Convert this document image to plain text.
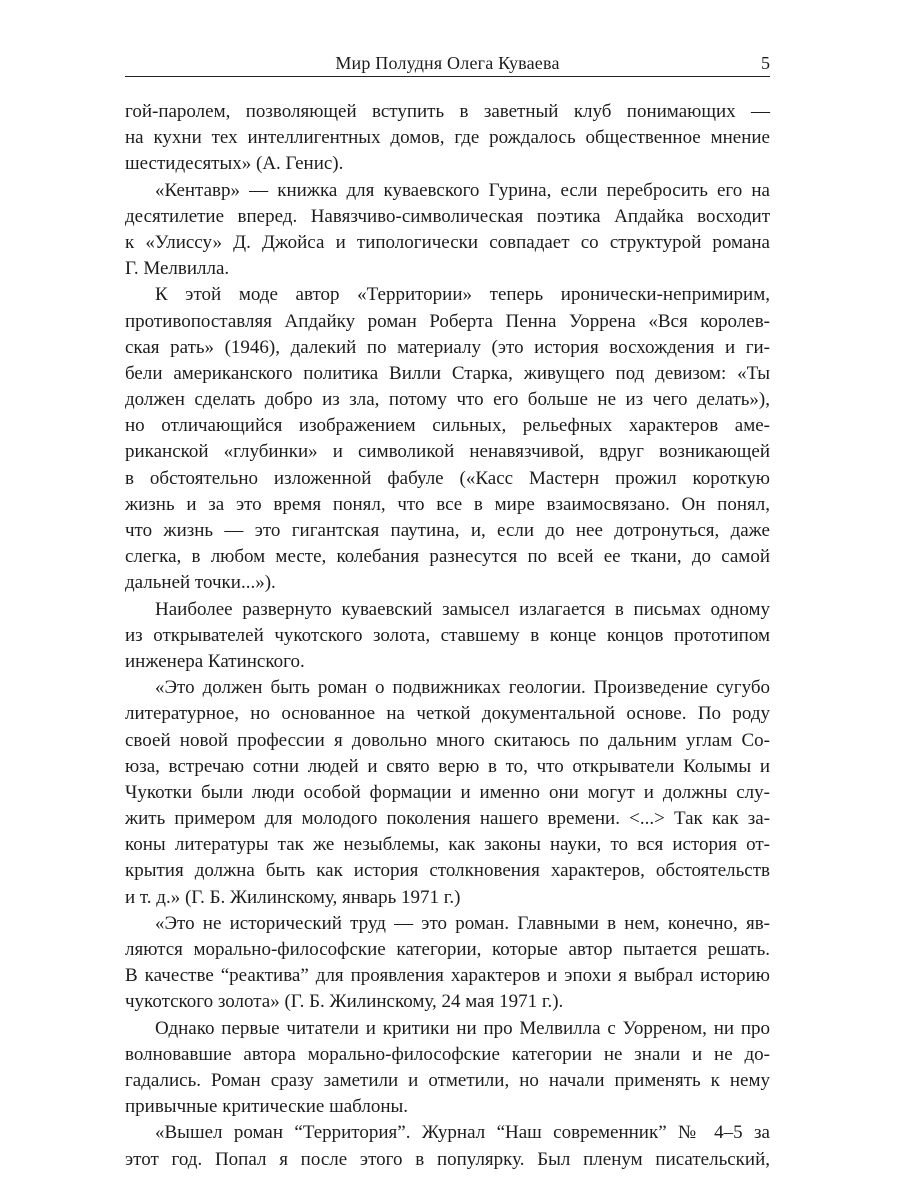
Мир Полудня Олега Куваева	5
гой-паролем, позволяющей вступить в заветный клуб понимающих —
на кухни тех интеллигентных домов, где рождалось общественное мнение
шестидесятых» (А. Генис).
«Кентавр» — книжка для куваевского Гурина, если перебросить его на
десятилетие вперед. Навязчиво-символическая поэтика Апдайка восходит
к «Улиссу» Д. Джойса и типологически совпадает со структурой романа
Г. Мелвилла.
К этой моде автор «Территории» теперь иронически-непримирим,
противопоставляя Апдайку роман Роберта Пенна Уоррена «Вся королев-
ская рать» (1946), далекий по материалу (это история восхождения и ги-
бели американского политика Вилли Старка, живущего под девизом: «Ты
должен сделать добро из зла, потому что его больше не из чего делать»),
но отличающийся изображением сильных, рельефных характеров аме-
риканской «глубинки» и символикой ненавязчивой, вдруг возникающей
в обстоятельно изложенной фабуле («Касс Мастерн прожил короткую
жизнь и за это время понял, что все в мире взаимосвязано. Он понял,
что жизнь — это гигантская паутина, и, если до нее дотронуться, даже
слегка, в любом месте, колебания разнесутся по всей ее ткани, до самой
дальней точки...»).
Наиболее развернуто куваевский замысел излагается в письмах одному
из открывателей чукотского золота, ставшему в конце концов прототипом
инженера Катинского.
«Это должен быть роман о подвижниках геологии. Произведение сугубо
литературное, но основанное на четкой документальной основе. По роду
своей новой профессии я довольно много скитаюсь по дальним углам Со-
юза, встречаю сотни людей и свято верю в то, что открыватели Колымы и
Чукотки были люди особой формации и именно они могут и должны слу-
жить примером для молодого поколения нашего времени. <...> Так как за-
коны литературы так же незыблемы, как законы науки, то вся история от-
крытия должна быть как история столкновения характеров, обстоятельств
и т. д.» (Г. Б. Жилинскому, январь 1971 г.)
«Это не исторический труд — это роман. Главными в нем, конечно, яв-
ляются морально-философские категории, которые автор пытается решать.
В качестве “реактива” для проявления характеров и эпохи я выбрал историю
чукотского золота» (Г. Б. Жилинскому, 24 мая 1971 г.).
Однако первые читатели и критики ни про Мелвилла с Уорреном, ни про
волновавшие автора морально-философские категории не знали и не до-
гадались. Роман сразу заметили и отметили, но начали применять к нему
привычные критические шаблоны.
«Вышел роман “Территория”. Журнал “Наш современник” № 4–5 за
этот год. Попал я после этого в популярку. Был пленум писательский,
